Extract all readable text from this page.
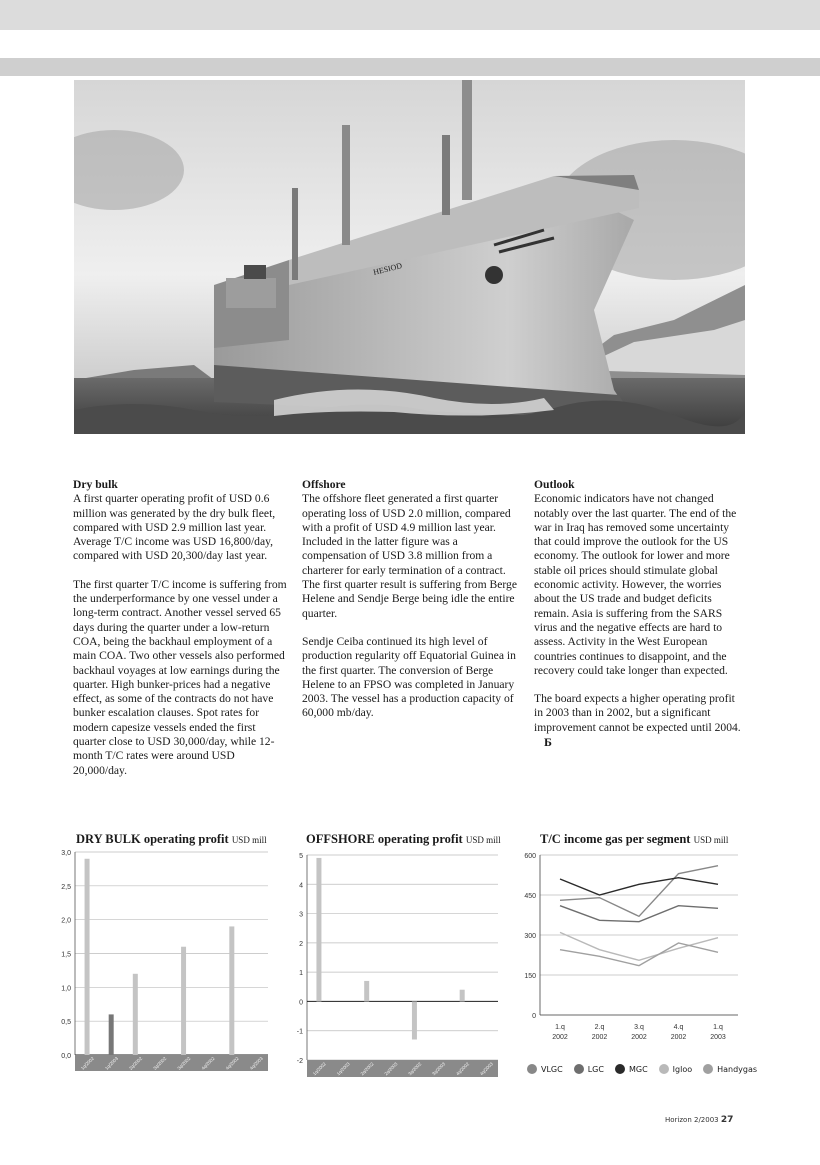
HESIOD
Dry bulk

A first quarter operating profit of USD 0.6 million was generated by the dry bulk fleet, compared with USD 2.9 million last year. Average T/C income was USD 16,800/day, compared with USD 20,300/day last year.

The first quarter T/C income is suffering from the underperformance by one vessel under a long-term contract. Another vessel served 65 days during the quarter under a low-return COA, being the backhaul employment of a main COA. Two other vessels also performed backhaul voyages at low earnings during the quarter. High bunker-prices had a negative effect, as some of the contracts do not have bunker escalation clauses. Spot rates for modern capesize vessels ended the first quarter close to USD 30,000/day, while 12-month T/C rates were around USD 20,000/day.

Offshore

The offshore fleet generated a first quarter operating loss of USD 2.0 million, compared with a profit of USD 4.9 million last year. Included in the latter figure was a compensation of USD 3.8 million from a charterer for early termination of a contract. The first quarter result is suffering from Berge Helene and Sendje Berge being idle the entire quarter.

Sendje Ceiba continued its high level of production regularity off Equatorial Guinea in the first quarter. The conversion of Berge Helene to an FPSO was completed in January 2003. The vessel has a production capacity of 60,000 mb/day.

Outlook

Economic indicators have not changed notably over the last quarter. The end of the war in Iraq has removed some uncertainty that could improve the outlook for the US economy. The outlook for lower and more stable oil prices should stimulate global economic activity. However, the worries about the US trade and budget deficits remain. Asia is suffering from the SARS virus and the negative effects are hard to assess. Activity in the West European countries continues to disappoint, and the recovery could take longer than expected.

The board expects a higher operating profit in 2003 than in 2002, but a significant improvement cannot be expected until 2004.Б

DRY BULK operating profit USD mill	OFFSHORE operating profit USD mill	T/C income gas per segment USD mill
0,0
0,5
1,0
1,5
2,0
2,5
3,0
1q/2002 1q/2003 2q/2002 3q/2002 3q/2002 4q/2002 4q/2002 4q/2003	-2
-1
0
1
2
3
4
5
1q/2002 1q/2003 2q/2002 2q/2003 3q/2002 3q/2003 4q/2002 4q/2003
0
150
300
450
600
1.q
2002
2.q
2002
3.q
2002
4.q
2002
1.q
2003
VLGC	LGC	MGC	Igloo	Handygas
Horizon 2/2003 27
